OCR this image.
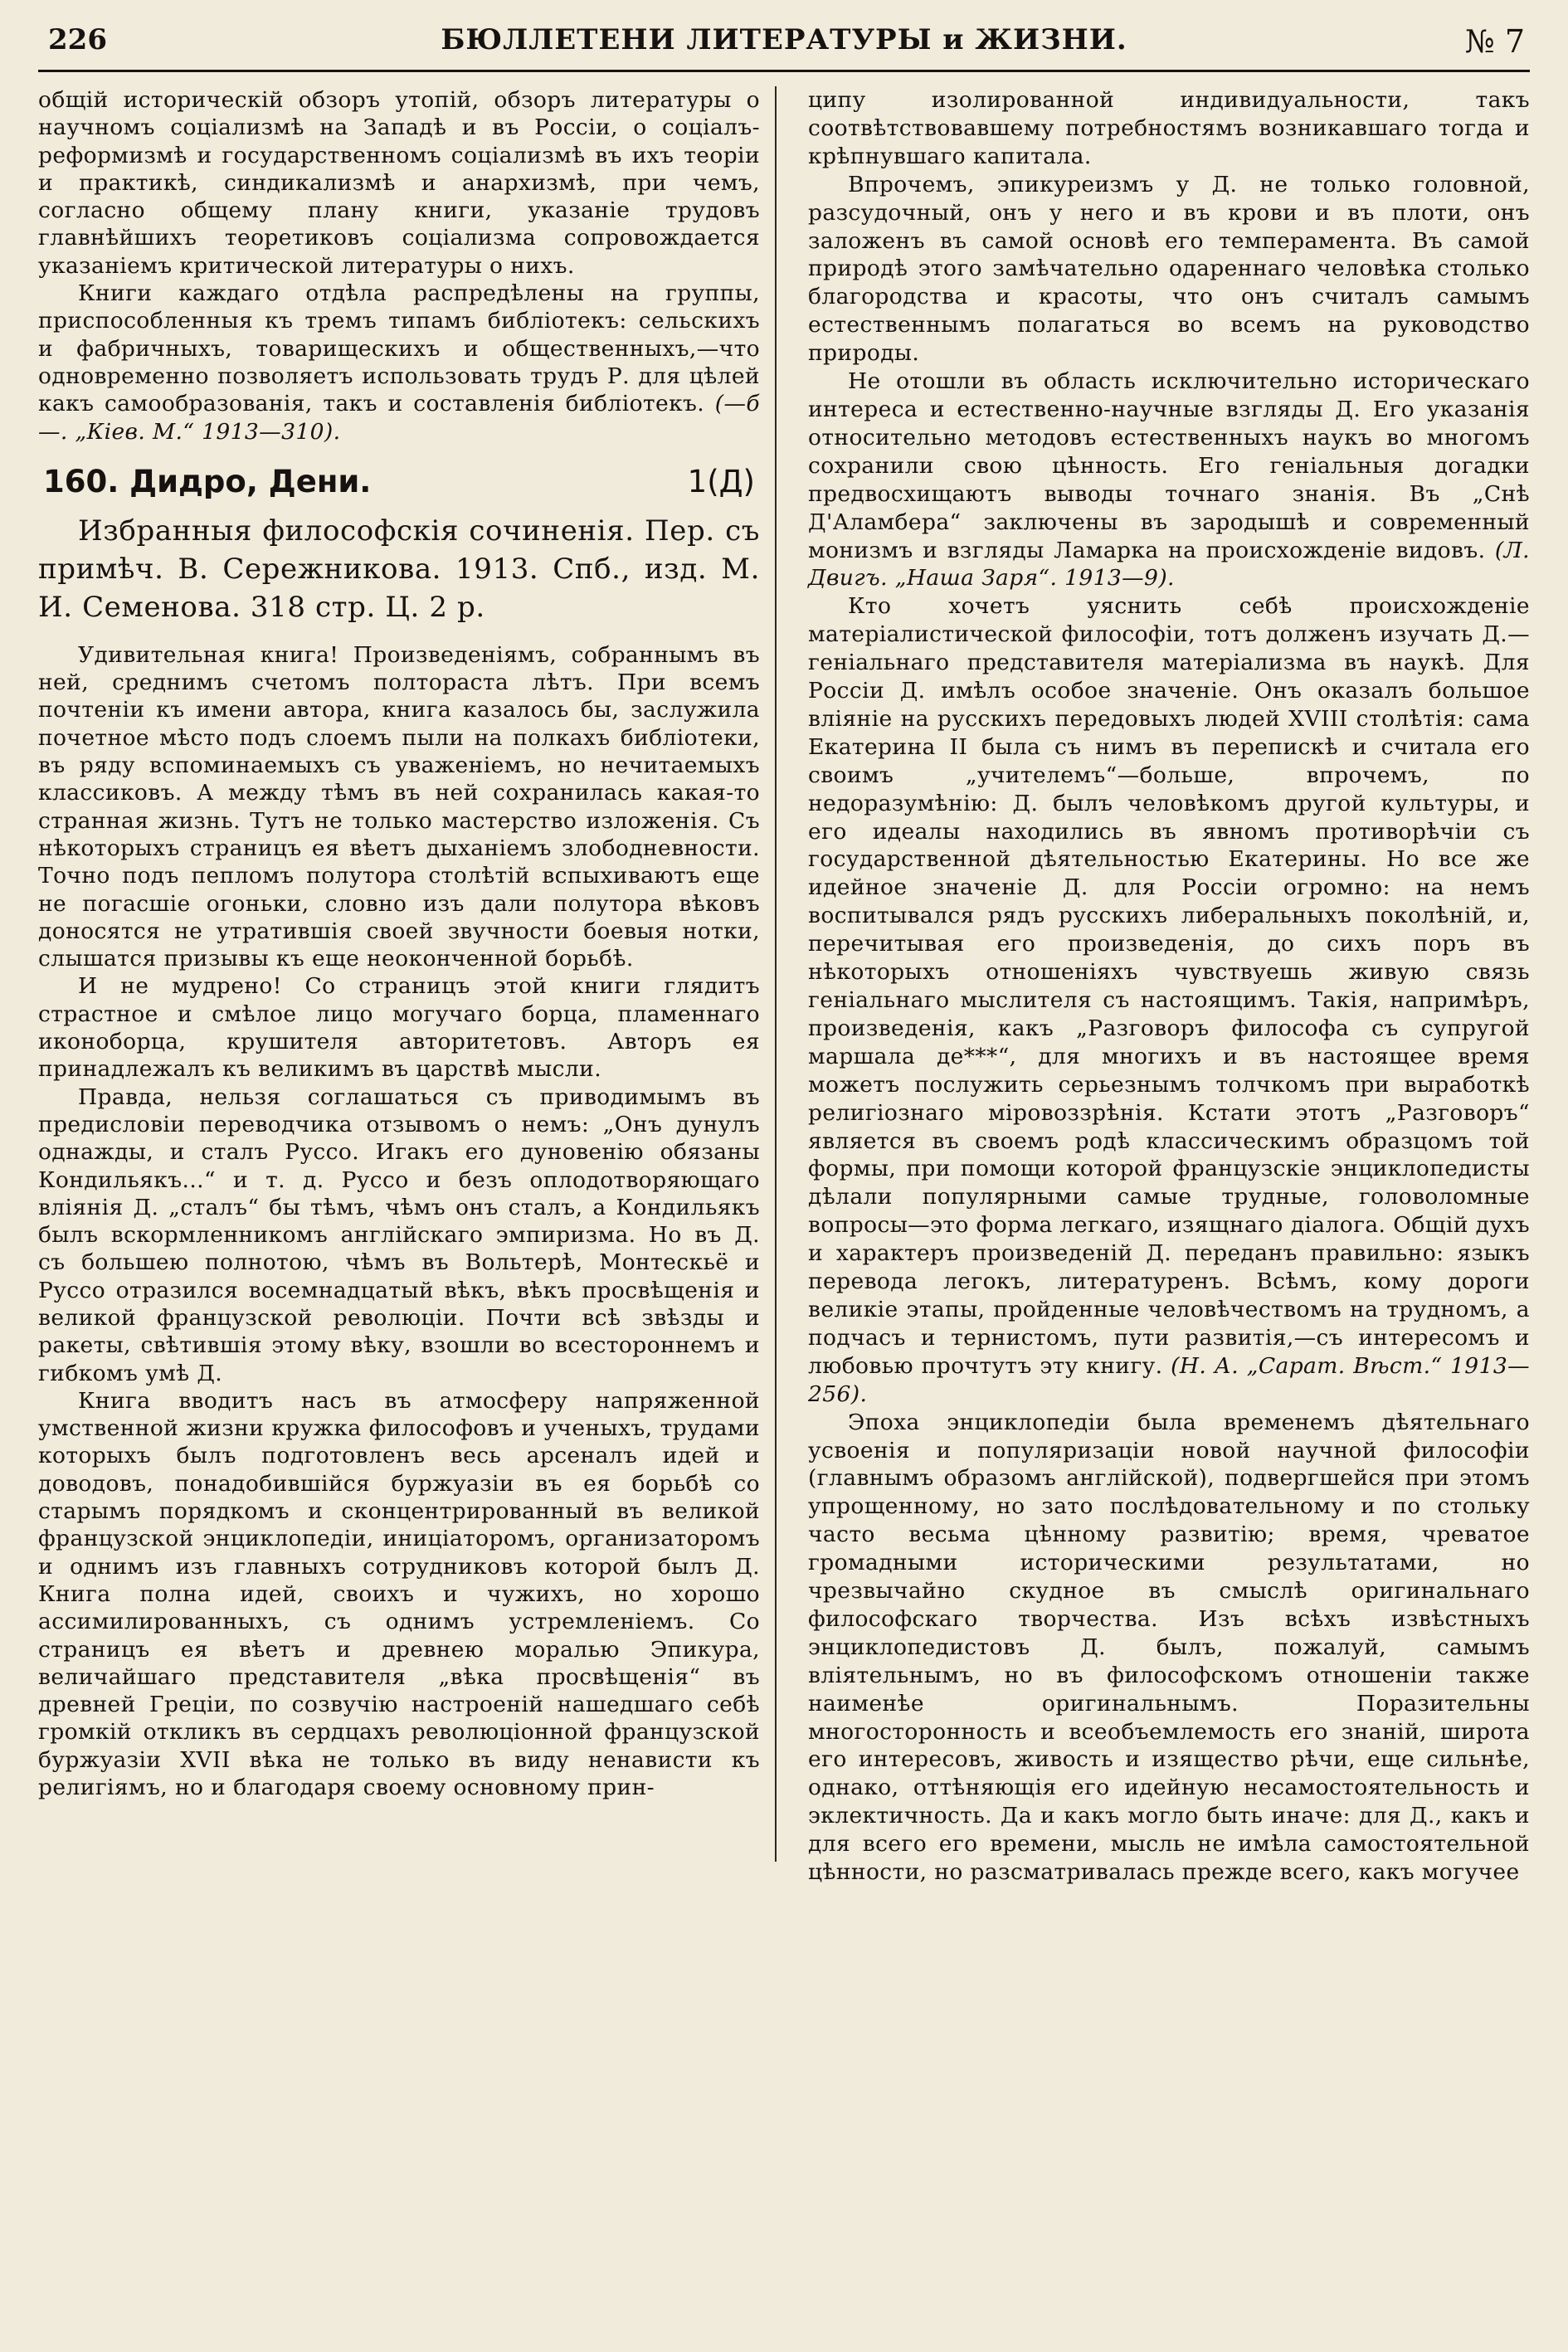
226	БЮЛЛЕТЕНИ ЛИТЕРАТУРЫ и ЖИЗНИ.	№ 7

общій историческій обзоръ утопій, обзоръ литературы о научномъ соціализмѣ на Западѣ и въ Россіи, о соціалъ-реформизмѣ и государственномъ соціализмѣ въ ихъ теоріи и практикѣ, синдикализмѣ и анархизмѣ, при чемъ, согласно общему плану книги, указаніе трудовъ главнѣйшихъ теоретиковъ соціализма сопровождается указаніемъ критической литературы о нихъ.

Книги каждаго отдѣла распредѣлены на группы, приспособленныя къ тремъ типамъ библіотекъ: сельскихъ и фабричныхъ, товарищескихъ и общественныхъ,—что одновременно позволяетъ использовать трудъ Р. для цѣлей какъ самообразованія, такъ и составленія библіотекъ. (—б—. „Кіев. М.“ 1913—310).

160. Дидро, Дени.	1(Д)

Избранныя философскія сочиненія. Пер. съ примѣч. В. Сережникова. 1913. Спб., изд. М. И. Семенова. 318 стр. Ц. 2 р.

Удивительная книга! Произведеніямъ, собраннымъ въ ней, среднимъ счетомъ полтораста лѣтъ. При всемъ почтеніи къ имени автора, книга казалось бы, заслужила почетное мѣсто подъ слоемъ пыли на полкахъ библіотеки, въ ряду вспоминаемыхъ съ уваженіемъ, но нечитаемыхъ классиковъ. А между тѣмъ въ ней сохранилась какая-то странная жизнь. Тутъ не только мастерство изложенія. Съ нѣкоторыхъ страницъ ея вѣетъ дыханіемъ злободневности. Точно подъ пепломъ полутора столѣтій вспыхиваютъ еще не погасшіе огоньки, словно изъ дали полутора вѣковъ доносятся не утратившія своей звучности боевыя нотки, слышатся призывы къ еще неоконченной борьбѣ.

И не мудрено! Со страницъ этой книги глядитъ страстное и смѣлое лицо могучаго борца, пламеннаго иконоборца, крушителя авторитетовъ. Авторъ ея принадлежалъ къ великимъ въ царствѣ мысли.

Правда, нельзя соглашаться съ приводимымъ въ предисловіи переводчика отзывомъ о немъ: „Онъ дунулъ однажды, и сталъ Руссо. Игакъ его дуновенію обязаны Кондильякъ...“ и т. д. Руссо и безъ оплодотворяющаго вліянія Д. „сталъ“ бы тѣмъ, чѣмъ онъ сталъ, а Кондильякъ былъ вскормленникомъ англійскаго эмпиризма. Но въ Д. съ большею полнотою, чѣмъ въ Вольтерѣ, Монтескьё и Руссо отразился восемнадцатый вѣкъ, вѣкъ просвѣщенія и великой французской революціи. Почти всѣ звѣзды и ракеты, свѣтившія этому вѣку, взошли во всестороннемъ и гибкомъ умѣ Д.

Книга вводитъ насъ въ атмосферу напряженной умственной жизни кружка философовъ и ученыхъ, трудами которыхъ былъ подготовленъ весь арсеналъ идей и доводовъ, понадобившійся буржуазіи въ ея борьбѣ со старымъ порядкомъ и сконцентрированный въ великой французской энциклопедіи, иниціаторомъ, организаторомъ и однимъ изъ главныхъ сотрудниковъ которой былъ Д. Книга полна идей, своихъ и чужихъ, но хорошо ассимилированныхъ, съ однимъ устремленіемъ. Со страницъ ея вѣетъ и древнею моралью Эпикура, величайшаго представителя „вѣка просвѣщенія“ въ древней Греціи, по созвучію настроеній нашедшаго себѣ громкій откликъ въ сердцахъ революціонной французской буржуазіи XVII вѣка не только въ виду ненависти къ религіямъ, но и благодаря своему основному прин-

ципу изолированной индивидуальности, такъ соотвѣтствовавшему потребностямъ возникавшаго тогда и крѣпнувшаго капитала.

Впрочемъ, эпикуреизмъ у Д. не только головной, разсудочный, онъ у него и въ крови и въ плоти, онъ заложенъ въ самой основѣ его темперамента. Въ самой природѣ этого замѣчательно одареннаго человѣка столько благородства и красоты, что онъ считалъ самымъ естественнымъ полагаться во всемъ на руководство природы.

Не отошли въ область исключительно историческаго интереса и естественно-научные взгляды Д. Его указанія относительно методовъ естественныхъ наукъ во многомъ сохранили свою цѣнность. Его геніальныя догадки предвосхищаютъ выводы точнаго знанія. Въ „Снѣ Д'Аламбера“ заключены въ зародышѣ и современный монизмъ и взгляды Ламарка на происхожденіе видовъ. (Л. Двигъ. „Наша Заря“. 1913—9).

Кто хочетъ уяснить себѣ происхожденіе матеріалистической философіи, тотъ долженъ изучать Д.—геніальнаго представителя матеріализма въ наукѣ. Для Россіи Д. имѣлъ особое значеніе. Онъ оказалъ большое вліяніе на русскихъ передовыхъ людей XVIII столѣтія: сама Екатерина II была съ нимъ въ перепискѣ и считала его своимъ „учителемъ“—больше, впрочемъ, по недоразумѣнію: Д. былъ человѣкомъ другой культуры, и его идеалы находились въ явномъ противорѣчіи съ государственной дѣятельностью Екатерины. Но все же идейное значеніе Д. для Россіи огромно: на немъ воспитывался рядъ русскихъ либеральныхъ поколѣній, и, перечитывая его произведенія, до сихъ поръ въ нѣкоторыхъ отношеніяхъ чувствуешь живую связь геніальнаго мыслителя съ настоящимъ. Такія, напримѣръ, произведенія, какъ „Разговоръ философа съ супругой маршала де***“, для многихъ и въ настоящее время можетъ послужить серьезнымъ толчкомъ при выработкѣ религіознаго міровоззрѣнія. Кстати этотъ „Разговоръ“ является въ своемъ родѣ классическимъ образцомъ той формы, при помощи которой французскіе энциклопедисты дѣлали популярными самые трудные, головоломные вопросы—это форма легкаго, изящнаго діалога. Общій духъ и характеръ произведеній Д. переданъ правильно: языкъ перевода легокъ, литературенъ. Всѣмъ, кому дороги великіе этапы, пройденные человѣчествомъ на трудномъ, а подчасъ и тернистомъ, пути развитія,—съ интересомъ и любовью прочтутъ эту книгу. (Н. А. „Сарат. Вѣст.“ 1913—256).

Эпоха энциклопедіи была временемъ дѣятельнаго усвоенія и популяризаціи новой научной философіи (главнымъ образомъ англійской), подвергшейся при этомъ упрощенному, но зато послѣдовательному и по стольку часто весьма цѣнному развитію; время, чреватое громадными историческими результатами, но чрезвычайно скудное въ смыслѣ оригинальнаго философскаго творчества. Изъ всѣхъ извѣстныхъ энциклопедистовъ Д. былъ, пожалуй, самымъ вліятельнымъ, но въ философскомъ отношеніи также наименѣе оригинальнымъ. Поразительны многосторонность и всеобъемлемость его знаній, широта его интересовъ, живость и изящество рѣчи, еще сильнѣе, однако, оттѣняющія его идейную несамостоятельность и эклектичность. Да и какъ могло быть иначе: для Д., какъ и для всего его времени, мысль не имѣла самостоятельной цѣнности, но разсматривалась прежде всего, какъ могучее
